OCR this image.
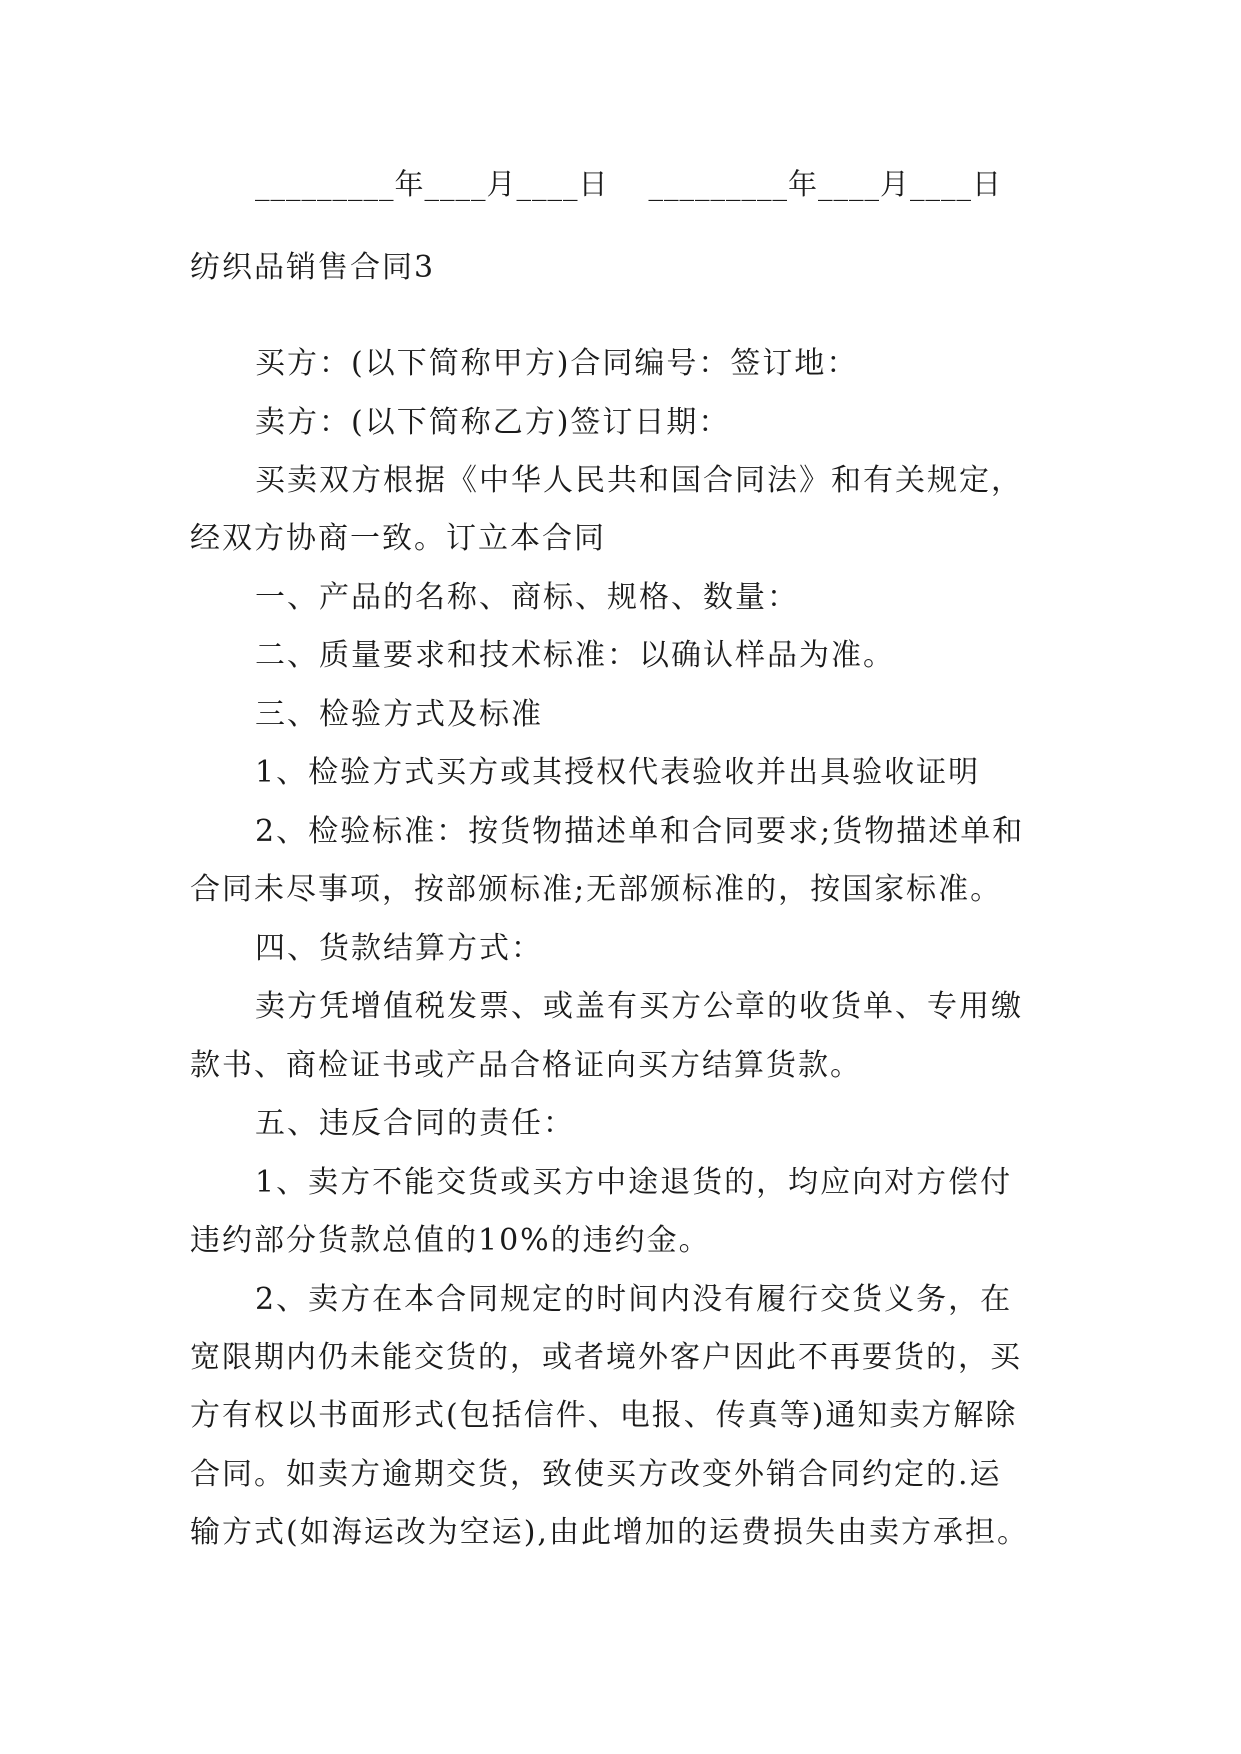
_________年____月____日 _________年____月____日
纺织品销售合同3
买方：(以下简称甲方)合同编号：签订地：
卖方：(以下简称乙方)签订日期：
买卖双方根据《中华人民共和国合同法》和有关规定，
经双方协商一致。订立本合同
一、产品的名称、商标、规格、数量：
二、质量要求和技术标准：以确认样品为准。
三、检验方式及标准
1、检验方式买方或其授权代表验收并出具验收证明
2、检验标准：按货物描述单和合同要求;货物描述单和
合同未尽事项，按部颁标准;无部颁标准的，按国家标准。
四、货款结算方式：
卖方凭增值税发票、或盖有买方公章的收货单、专用缴
款书、商检证书或产品合格证向买方结算货款。
五、违反合同的责任：
1、卖方不能交货或买方中途退货的，均应向对方偿付
违约部分货款总值的10%的违约金。
2、卖方在本合同规定的时间内没有履行交货义务，在
宽限期内仍未能交货的，或者境外客户因此不再要货的，买
方有权以书面形式(包括信件、电报、传真等)通知卖方解除
合同。如卖方逾期交货，致使买方改变外销合同约定的.运
输方式(如海运改为空运),由此增加的运费损失由卖方承担。
